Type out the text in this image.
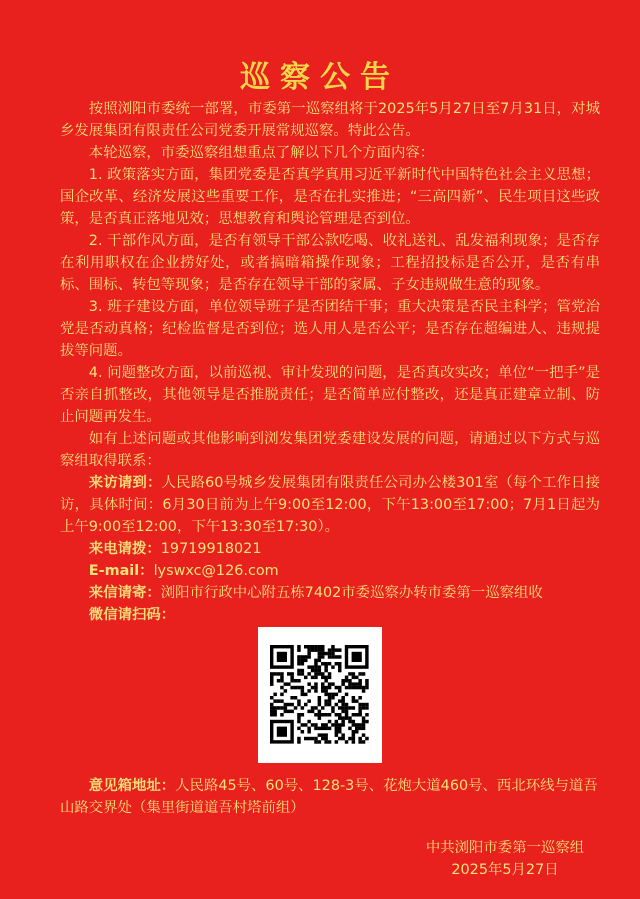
巡察公告

按照浏阳市委统一部署，市委第一巡察组将于2025年5月27日至7月31日，对城乡发展集团有限责任公司党委开展常规巡察。特此公告。

本轮巡察，市委巡察组想重点了解以下几个方面内容：

1. 政策落实方面，集团党委是否真学真用习近平新时代中国特色社会主义思想；国企改革、经济发展这些重要工作，是否在扎实推进；“三高四新”、民生项目这些政策，是否真正落地见效；思想教育和舆论管理是否到位。

2. 干部作风方面，是否有领导干部公款吃喝、收礼送礼、乱发福利现象；是否存在利用职权在企业捞好处，或者搞暗箱操作现象；工程招投标是否公开，是否有串标、围标、转包等现象；是否存在领导干部的家属、子女违规做生意的现象。

3. 班子建设方面，单位领导班子是否团结干事；重大决策是否民主科学；管党治党是否动真格；纪检监督是否到位；选人用人是否公平；是否存在超编进人、违规提拔等问题。

4. 问题整改方面，以前巡视、审计发现的问题，是否真改实改；单位“一把手”是否亲自抓整改，其他领导是否推脱责任；是否简单应付整改，还是真正建章立制、防止问题再发生。

如有上述问题或其他影响到浏发集团党委建设发展的问题，请通过以下方式与巡察组取得联系：

来访请到：人民路60号城乡发展集团有限责任公司办公楼301室（每个工作日接访，具体时间：6月30日前为上午9:00至12:00，下午13:00至17:00；7月1日起为上午9:00至12:00，下午13:30至17:30）。

来电请拨：19719918021

E-mail：lyswxc@126.com

来信请寄：浏阳市行政中心附五栋7402市委巡察办转市委第一巡察组收

微信请扫码：

意见箱地址：人民路45号、60号、128-3号、花炮大道460号、西北环线与道吾山路交界处（集里街道道吾村塔前组）

中共浏阳市委第一巡察组
2025年5月27日
